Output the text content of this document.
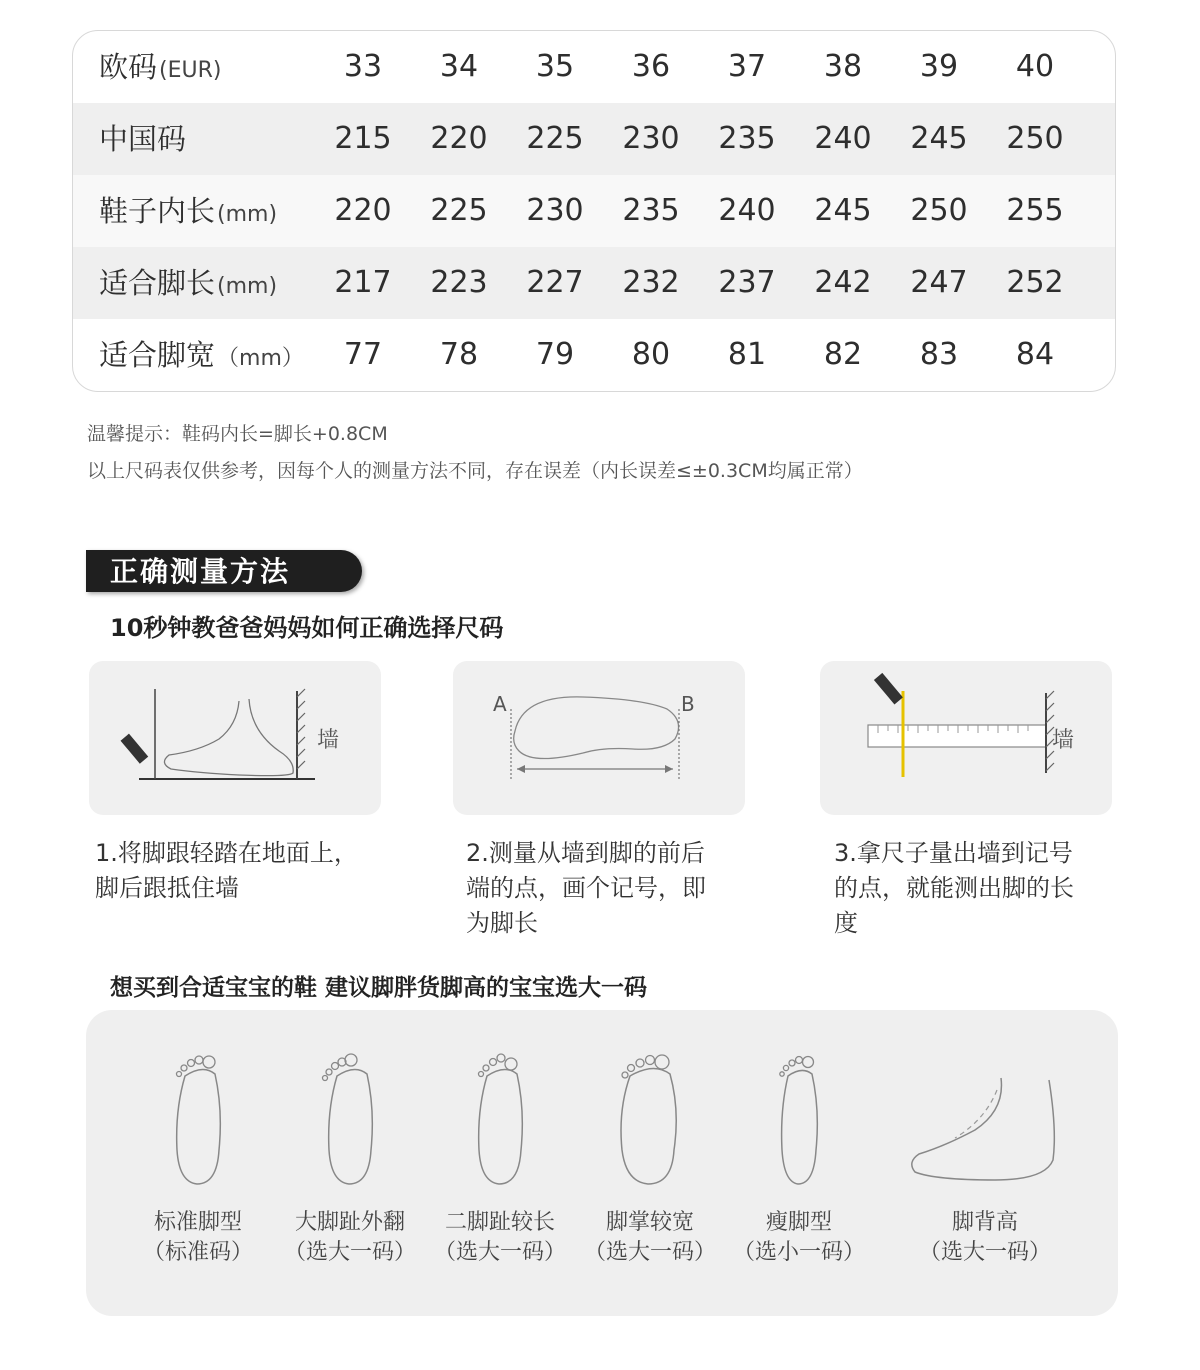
欧码(EUR)	33	34	35	36	37	38	39	40
中国码	215	220	225	230	235	240	245	250
鞋子内长(mm)	220	225	230	235	240	245	250	255
适合脚长(mm)	217	223	227	232	237	242	247	252
适合脚宽（mm）	77	78	79	80	81	82	83	84
温馨提示：鞋码内长=脚长+0.8CM
以上尺码表仅供参考，因每个人的测量方法不同，存在误差（内长误差≤±0.3CM均属正常）
正确测量方法
10秒钟教爸爸妈妈如何正确选择尺码
墙
1.将脚跟轻踏在地面上，
脚后跟抵住墙
A	B
2.测量从墙到脚的前后
端的点，画个记号，即
为脚长
墙
3.拿尺子量出墙到记号
的点，就能测出脚的长
度
想买到合适宝宝的鞋 建议脚胖货脚高的宝宝选大一码
标准脚型
（标准码）
大脚趾外翻
（选大一码）
二脚趾较长
（选大一码）
脚掌较宽
（选大一码）
瘦脚型
（选小一码）
脚背高
（选大一码）
